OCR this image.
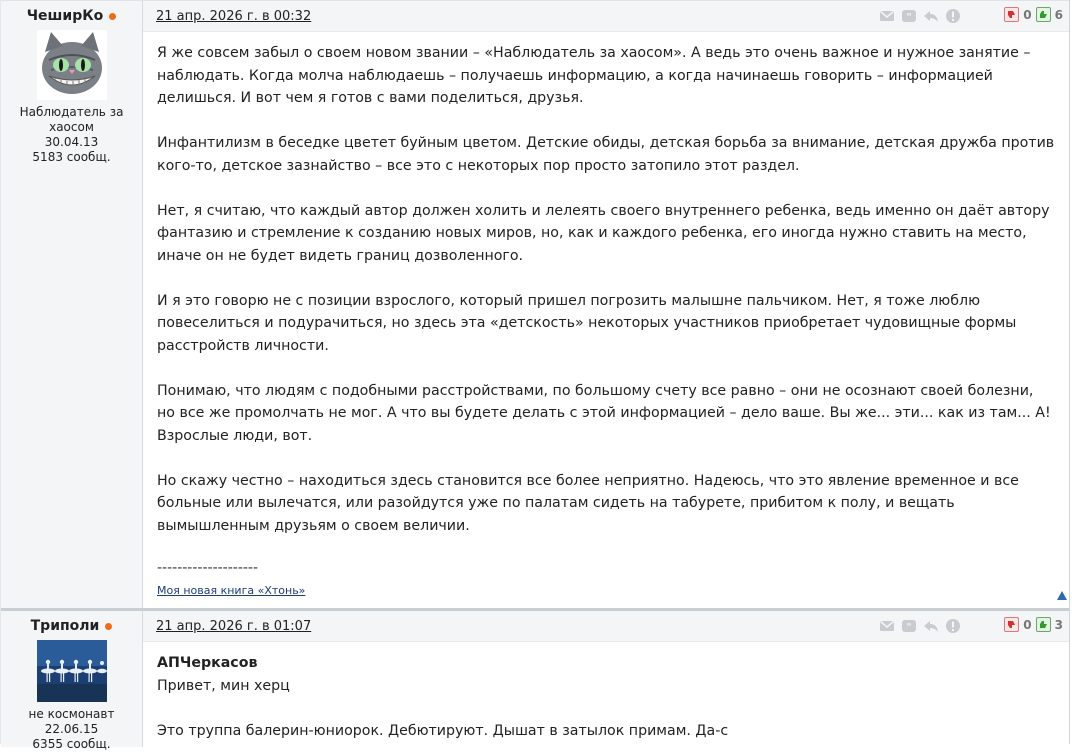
ЧеширКо
Наблюдатель за хаосом
30.04.13
5183 сообщ.
21 апр. 2026 г. в 00:32	"	0 6

Я же совсем забыл о своем новом звании – «Наблюдатель за хаосом». А ведь это очень важное и нужное занятие – наблюдать. Когда молча наблюдаешь – получаешь информацию, а когда начинаешь говорить – информацией делишься. И вот чем я готов с вами поделиться, друзья.

Инфантилизм в беседке цветет буйным цветом. Детские обиды, детская борьба за внимание, детская дружба против кого-то, детское зазнайство – все это с некоторых пор просто затопило этот раздел.

Нет, я считаю, что каждый автор должен холить и лелеять своего внутреннего ребенка, ведь именно он даёт автору фантазию и стремление к созданию новых миров, но, как и каждого ребенка, его иногда нужно ставить на место, иначе он не будет видеть границ дозволенного.

И я это говорю не с позиции взрослого, который пришел погрозить малышне пальчиком. Нет, я тоже люблю повеселиться и подурачиться, но здесь эта «детскость» некоторых участников приобретает чудовищные формы расстройств личности.

Понимаю, что людям с подобными расстройствами, по большому счету все равно – они не осознают своей болезни, но все же промолчать не мог. А что вы будете делать с этой информацией – дело ваше. Вы же... эти... как из там... А! Взрослые люди, вот.

Но скажу честно – находиться здесь становится все более неприятно. Надеюсь, что это явление временное и все больные или вылечатся, или разойдутся уже по палатам сидеть на табурете, прибитом к полу, и вещать вымышленным друзьям о своем величии.

--------------------
Моя новая книга «Хтонь»
Триполи
не космонавт
22.06.15
6355 сообщ.
21 апр. 2026 г. в 01:07	"	0 3
АПЧеркасов

Привет, мин херц

Это труппа балерин-юниорок. Дебютируют. Дышат в затылок примам. Да-с
